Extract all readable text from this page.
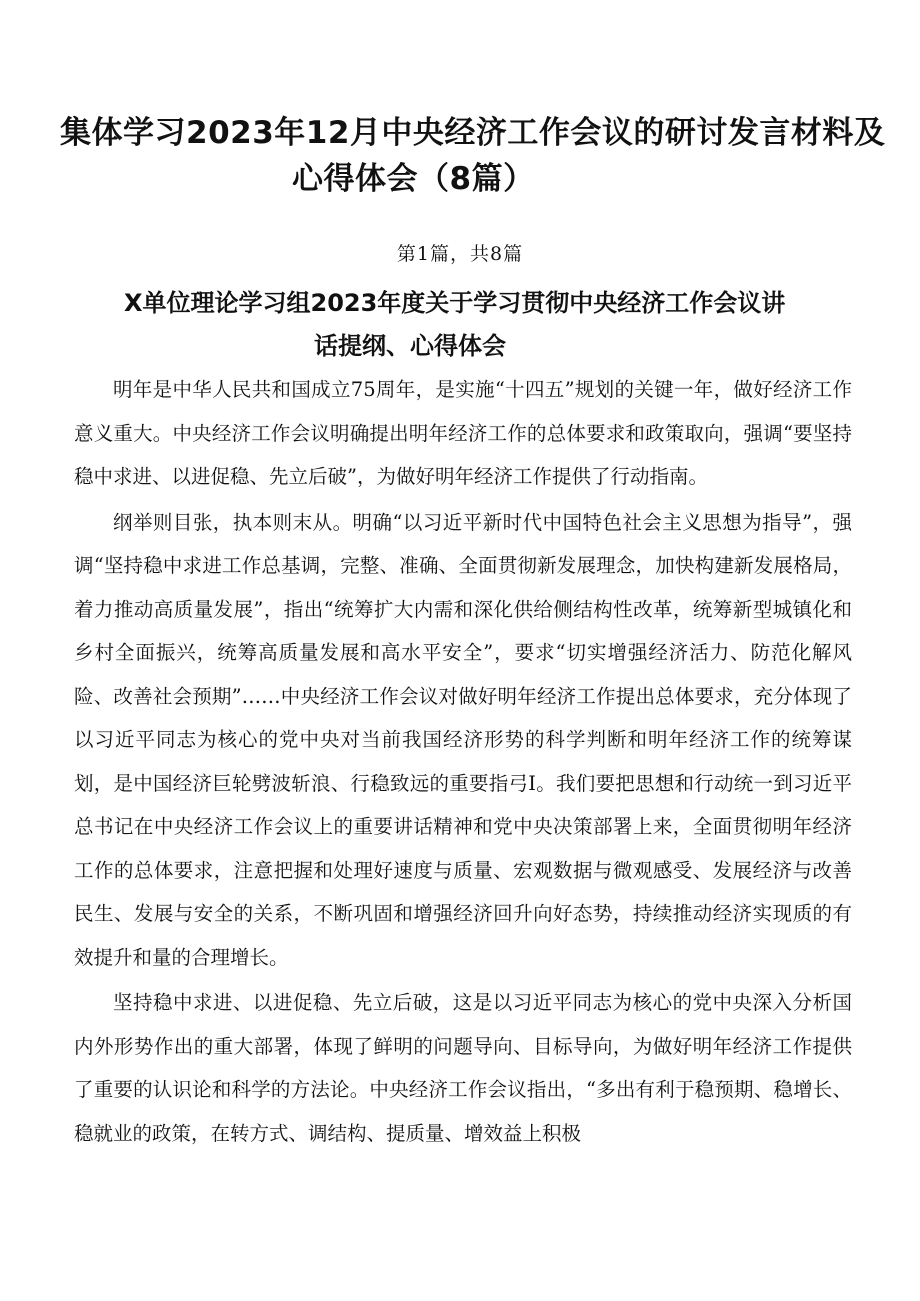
集体学习2023年12月中央经济工作会议的研讨发言材料及
心得体会（8篇）
第1篇，共8篇
X单位理论学习组2023年度关于学习贯彻中央经济工作会议讲
话提纲、心得体会

明年是中华人民共和国成立75周年，是实施“十四五”规划的关键一年，做好经济工作意义重大。中央经济工作会议明确提出明年经济工作的总体要求和政策取向，强调“要坚持稳中求进、以进促稳、先立后破”，为做好明年经济工作提供了行动指南。

纲举则目张，执本则末从。明确“以习近平新时代中国特色社会主义思想为指导”，强调“坚持稳中求进工作总基调，完整、准确、全面贯彻新发展理念，加快构建新发展格局，着力推动高质量发展”，指出“统筹扩大内需和深化供给侧结构性改革，统筹新型城镇化和乡村全面振兴，统筹高质量发展和高水平安全”，要求“切实增强经济活力、防范化解风险、改善社会预期”……中央经济工作会议对做好明年经济工作提出总体要求，充分体现了以习近平同志为核心的党中央对当前我国经济形势的科学判断和明年经济工作的统筹谋划，是中国经济巨轮劈波斩浪、行稳致远的重要指弓I。我们要把思想和行动统一到习近平总书记在中央经济工作会议上的重要讲话精神和党中央决策部署上来，全面贯彻明年经济工作的总体要求，注意把握和处理好速度与质量、宏观数据与微观感受、发展经济与改善民生、发展与安全的关系，不断巩固和增强经济回升向好态势，持续推动经济实现质的有效提升和量的合理增长。

坚持稳中求进、以进促稳、先立后破，这是以习近平同志为核心的党中央深入分析国内外形势作出的重大部署，体现了鲜明的问题导向、目标导向，为做好明年经济工作提供了重要的认识论和科学的方法论。中央经济工作会议指出，“多出有利于稳预期、稳增长、稳就业的政策，在转方式、调结构、提质量、增效益上积极
